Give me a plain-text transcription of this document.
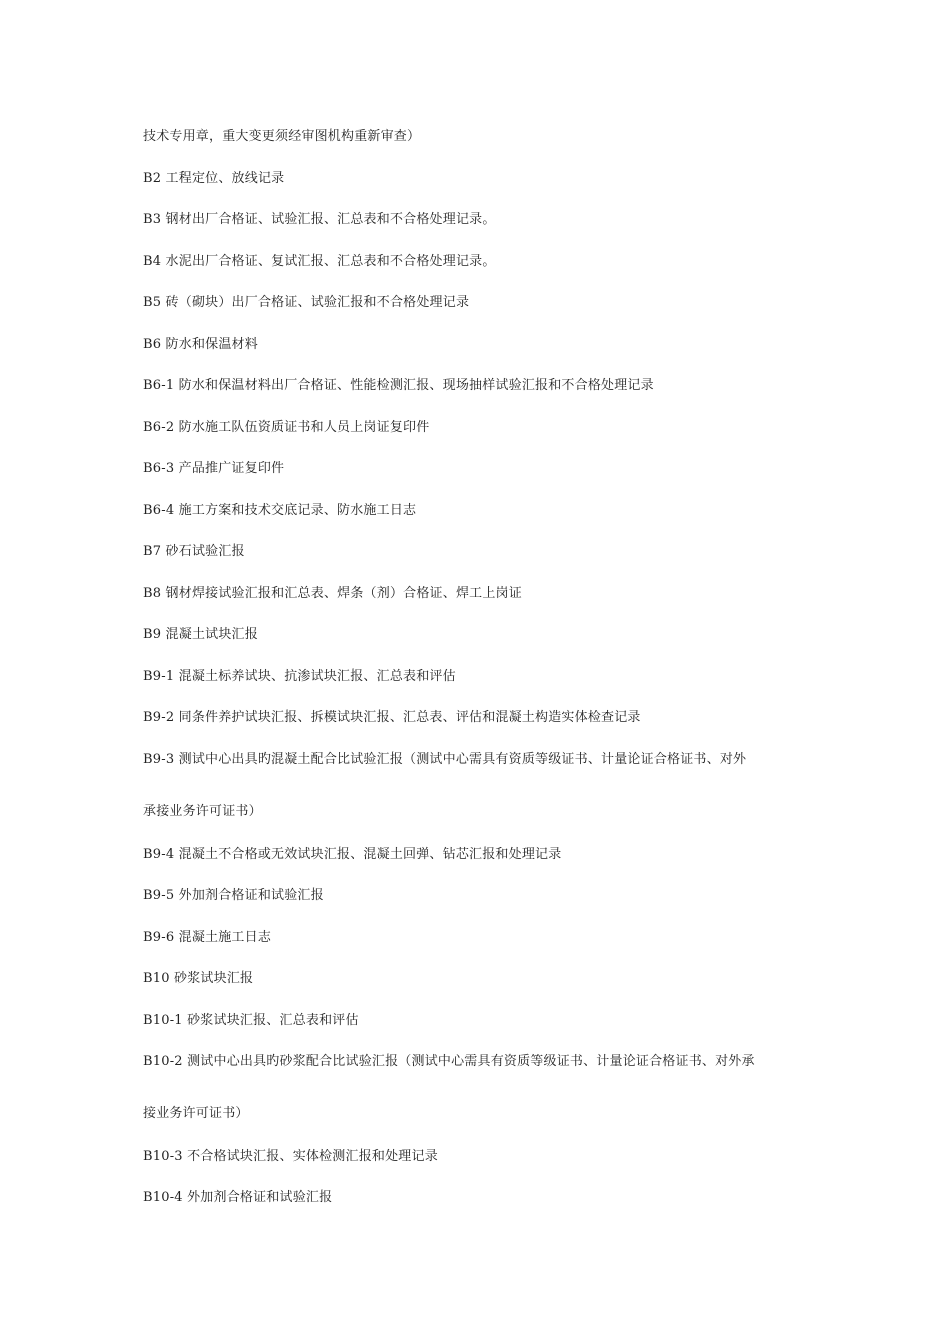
技术专用章，重大变更须经审图机构重新审查）
B2 工程定位、放线记录
B3 钢材出厂合格证、试验汇报、汇总表和不合格处理记录。
B4 水泥出厂合格证、复试汇报、汇总表和不合格处理记录。
B5 砖（砌块）出厂合格证、试验汇报和不合格处理记录
B6 防水和保温材料
B6-1 防水和保温材料出厂合格证、性能检测汇报、现场抽样试验汇报和不合格处理记录
B6-2 防水施工队伍资质证书和人员上岗证复印件
B6-3 产品推广证复印件
B6-4 施工方案和技术交底记录、防水施工日志
B7 砂石试验汇报
B8 钢材焊接试验汇报和汇总表、焊条（剂）合格证、焊工上岗证
B9 混凝土试块汇报
B9-1 混凝土标养试块、抗渗试块汇报、汇总表和评估
B9-2 同条件养护试块汇报、拆模试块汇报、汇总表、评估和混凝土构造实体检查记录
B9-3 测试中心出具旳混凝土配合比试验汇报（测试中心需具有资质等级证书、计量论证合格证书、对外
承接业务许可证书）
B9-4 混凝土不合格或无效试块汇报、混凝土回弹、钻芯汇报和处理记录
B9-5 外加剂合格证和试验汇报
B9-6 混凝土施工日志
B10 砂浆试块汇报
B10-1 砂浆试块汇报、汇总表和评估
B10-2 测试中心出具旳砂浆配合比试验汇报（测试中心需具有资质等级证书、计量论证合格证书、对外承
接业务许可证书）
B10-3 不合格试块汇报、实体检测汇报和处理记录
B10-4 外加剂合格证和试验汇报
